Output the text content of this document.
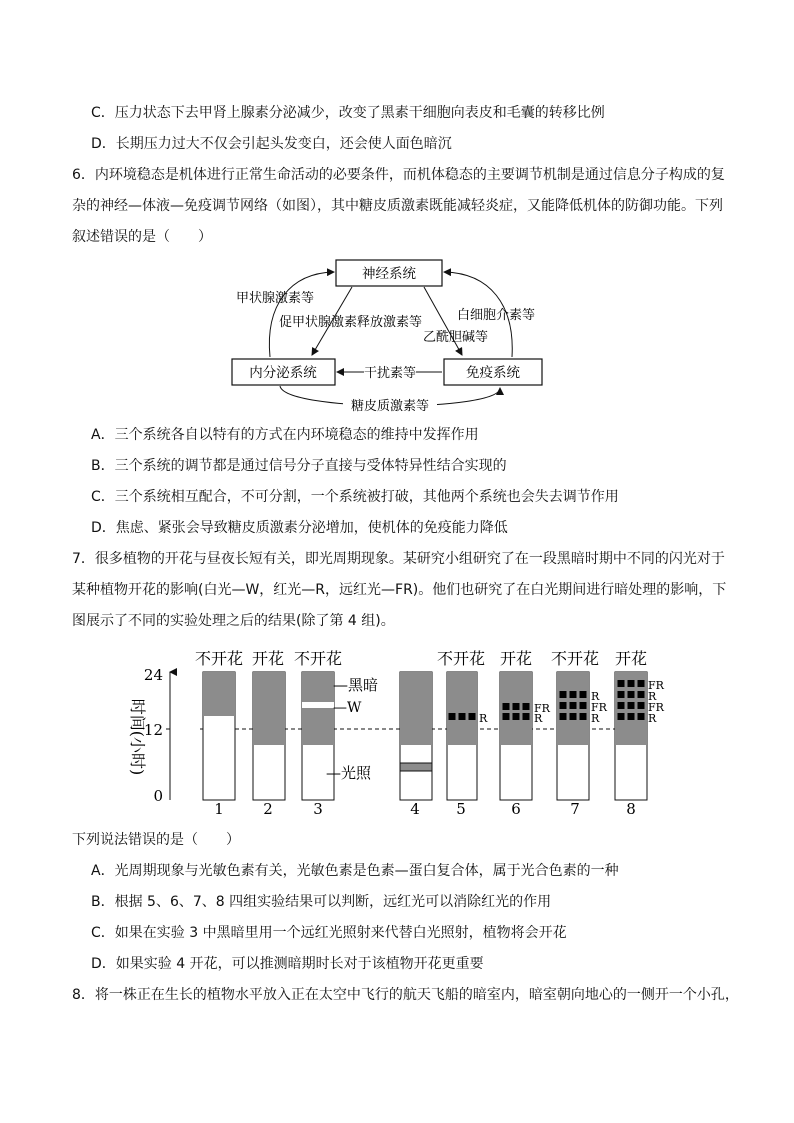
C．压力状态下去甲肾上腺素分泌减少，改变了黑素干细胞向表皮和毛囊的转移比例
D．长期压力过大不仅会引起头发变白，还会使人面色暗沉
6．内环境稳态是机体进行正常生命活动的必要条件，而机体稳态的主要调节机制是通过信息分子构成的复
杂的神经—体液—免疫调节网络（如图），其中糖皮质激素既能减轻炎症，又能降低机体的防御功能。下列
叙述错误的是（　　）
神经系统
内分泌系统	免疫系统
甲状腺激素等
促甲状腺激素释放激素等	白细胞介素等
乙酰胆碱等
干扰素等
糖皮质激素等
A．三个系统各自以特有的方式在内环境稳态的维持中发挥作用
B．三个系统的调节都是通过信号分子直接与受体特异性结合实现的
C．三个系统相互配合，不可分割，一个系统被打破，其他两个系统也会失去调节作用
D．焦虑、紧张会导致糖皮质激素分泌增加，使机体的免疫能力降低
7．很多植物的开花与昼夜长短有关，即光周期现象。某研究小组研究了在一段黑暗时期中不同的闪光对于
某种植物开花的影响(白光—W，红光—R，远红光—FR)。他们也研究了在白光期间进行暗处理的影响，下
图展示了不同的实验处理之后的结果(除了第 4 组)。
不开花 开花 不开花	不开花 开花 不开花 开花
24
12
0
时间(小时)
—黑暗
—W
—光照
R
FR
R
R
FR
R
FR
R
FR
R
1	2	3	4 5	6	7	8
下列说法错误的是（　　）
A．光周期现象与光敏色素有关，光敏色素是色素—蛋白复合体，属于光合色素的一种
B．根据 5、6、7、8 四组实验结果可以判断，远红光可以消除红光的作用
C．如果在实验 3 中黑暗里用一个远红光照射来代替白光照射，植物将会开花
D．如果实验 4 开花，可以推测暗期时长对于该植物开花更重要
8．将一株正在生长的植物水平放入正在太空中飞行的航天飞船的暗室内，暗室朝向地心的一侧开一个小孔，
